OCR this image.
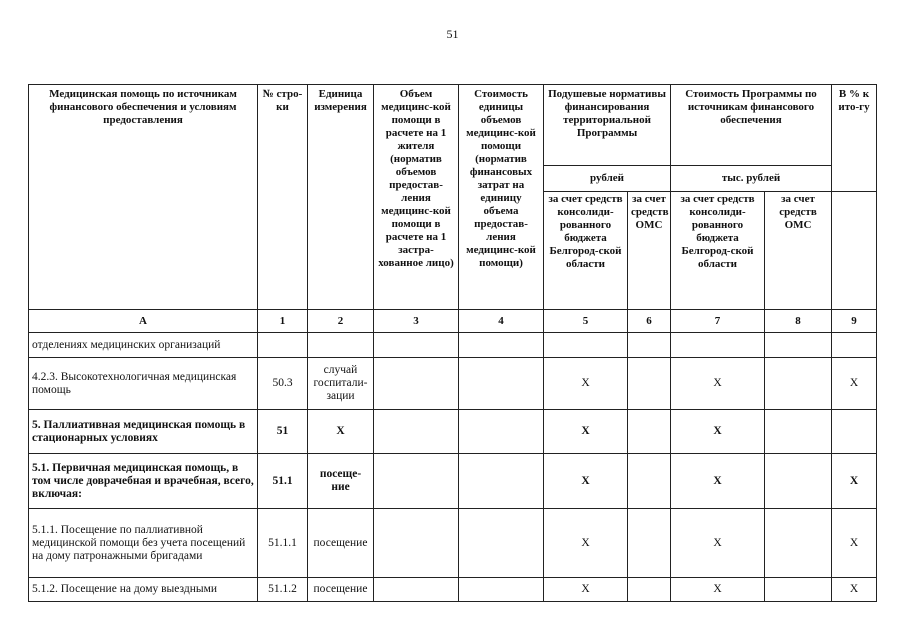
51
Медицинская помощь по источникам финансового обеспечения и условиям предоставления	№ стро-ки	Единица измерения	Объем медицинс-кой помощи в расчете на 1 жителя (норматив объемов предостав-ления медицинс-кой помощи в расчете на 1 застра-хованное лицо)	Стоимость единицы объемов медицинс-кой помощи (норматив финансовых затрат на единицу объема предостав-ления медицинс-кой помощи)	Подушевые нормативы финансирования территориальной Программы		Стоимость Программы по источникам финансового обеспечения		В % к ито-гу
					рублей		тыс. рублей		
					за счет средств консолиди-рованного бюджета Белгород-ской области	за счет средств ОМС	за счет средств консолиди-рованного бюджета Белгород-ской области	за счет средств ОМС	
А	1	2	3	4	5	6	7	8	9
отделениях медицинских организаций									
4.2.3. Высокотехнологичная медицинская помощь	50.3	случай госпитали-зации			Х		Х		Х
5. Паллиативная медицинская помощь в стационарных условиях	51	Х			Х		Х		
5.1. Первичная медицинская помощь, в том числе доврачебная и врачебная, всего, включая:	51.1	посеще-ние			Х		Х		Х
5.1.1. Посещение по паллиативной медицинской помощи без учета посещений на дому патронажными бригадами	51.1.1	посещение			Х		Х		Х
5.1.2. Посещение на дому выездными	51.1.2	посещение			Х		Х		Х
